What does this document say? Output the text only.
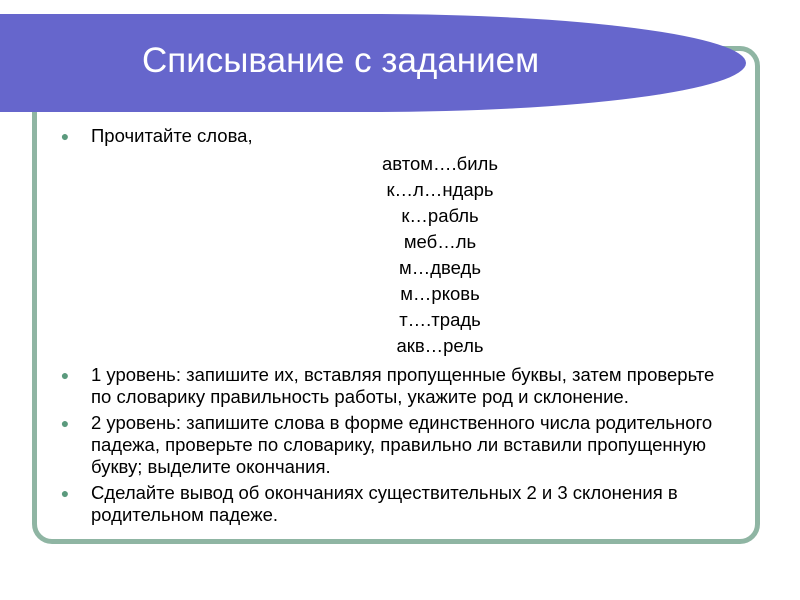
Списывание с заданием
● Прочитайте слова,
автом….биль
к…л…ндарь
к…рабль
меб…ль
м…дведь
м…рковь
т….традь
акв…рель
● 1 уровень: запишите их, вставляя пропущенные буквы, затем проверьте по словарику правильность работы, укажите род и склонение.
● 2 уровень: запишите слова в форме единственного числа родительного падежа, проверьте по словарику, правильно ли вставили пропущенную букву; выделите окончания.
● Сделайте вывод об окончаниях существительных 2 и 3 склонения в родительном падеже.
